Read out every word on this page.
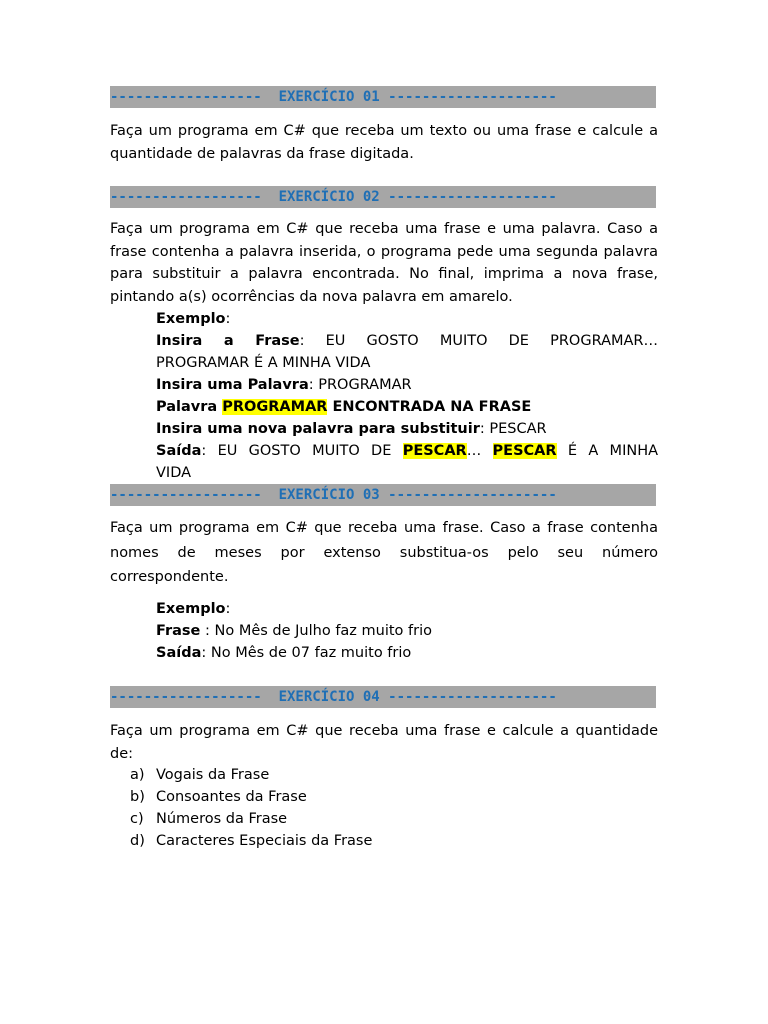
------------------ EXERCÍCIO 01 --------------------
Faça um programa em C# que receba um texto ou uma frase e calcule a quantidade de palavras da frase digitada.
------------------ EXERCÍCIO 02 --------------------
Faça um programa em C# que receba uma frase e uma palavra. Caso a frase contenha a palavra inserida, o programa pede uma segunda palavra para substituir a palavra encontrada. No final, imprima a nova frase, pintando a(s) ocorrências da nova palavra em amarelo.
Exemplo:
Insira a Frase: EU GOSTO MUITO DE PROGRAMAR…
PROGRAMAR É A MINHA VIDA
Insira uma Palavra: PROGRAMAR
Palavra PROGRAMAR ENCONTRADA NA FRASE
Insira uma nova palavra para substituir: PESCAR
Saída: EU GOSTO MUITO DE PESCAR… PESCAR É A MINHA
VIDA
------------------ EXERCÍCIO 03 --------------------
Faça um programa em C# que receba uma frase. Caso a frase contenha nomes de meses por extenso substitua-os pelo seu número correspondente.
Exemplo:
Frase : No Mês de Julho faz muito frio
Saída: No Mês de 07 faz muito frio
------------------ EXERCÍCIO 04 --------------------
Faça um programa em C# que receba uma frase e calcule a quantidade de:
a) Vogais da Frase
b) Consoantes da Frase
c) Números da Frase
d) Caracteres Especiais da Frase
